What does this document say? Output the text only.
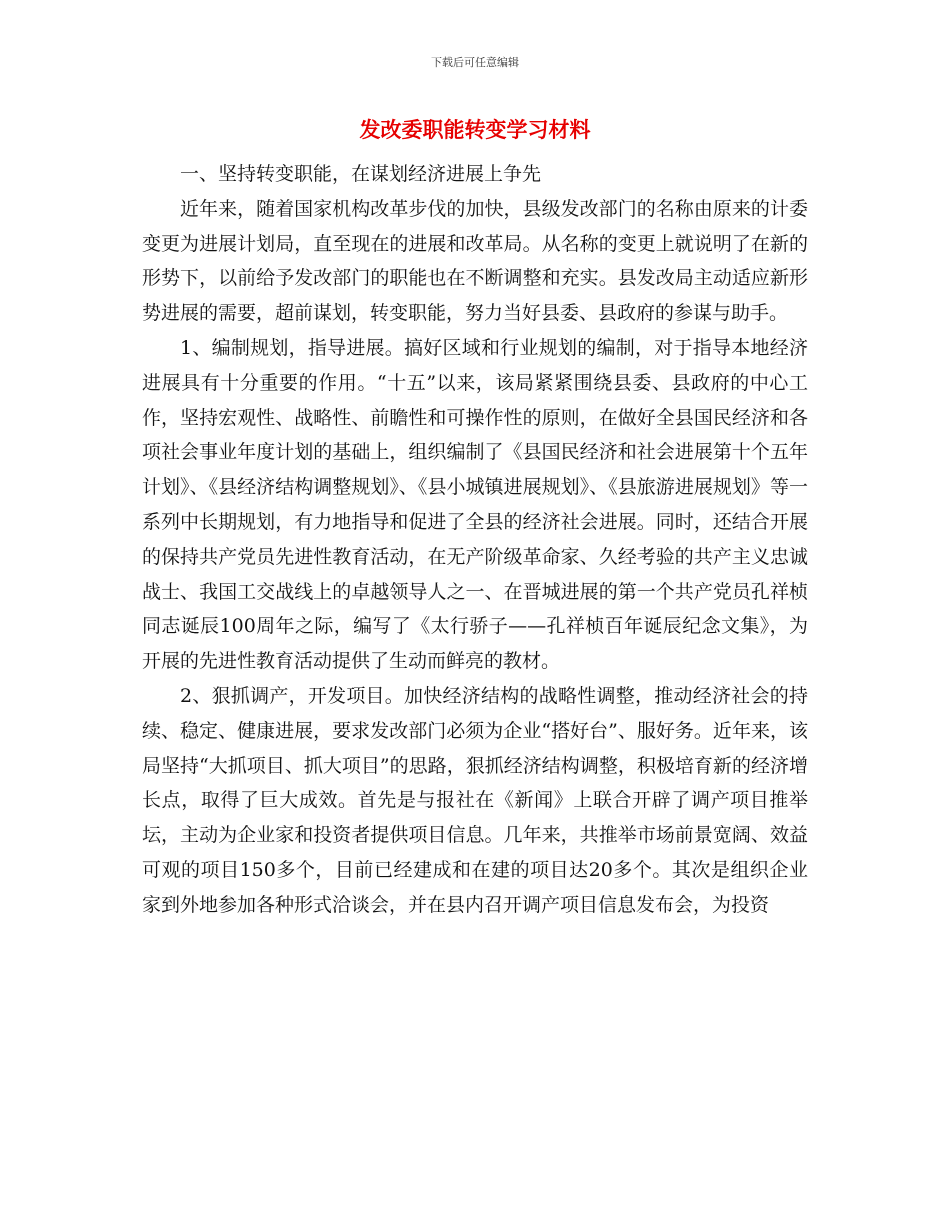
下载后可任意编辑
发改委职能转变学习材料

一、坚持转变职能，在谋划经济进展上争先

近年来，随着国家机构改革步伐的加快，县级发改部门的名称由原来的计委变更为进展计划局，直至现在的进展和改革局。从名称的变更上就说明了在新的形势下，以前给予发改部门的职能也在不断调整和充实。县发改局主动适应新形势进展的需要，超前谋划，转变职能，努力当好县委、县政府的参谋与助手。

1、编制规划，指导进展。搞好区域和行业规划的编制，对于指导本地经济进展具有十分重要的作用。“十五”以来，该局紧紧围绕县委、县政府的中心工作，坚持宏观性、战略性、前瞻性和可操作性的原则，在做好全县国民经济和各项社会事业年度计划的基础上，组织编制了《县国民经济和社会进展第十个五年计划》、《县经济结构调整规划》、《县小城镇进展规划》、《县旅游进展规划》等一系列中长期规划，有力地指导和促进了全县的经济社会进展。同时，还结合开展的保持共产党员先进性教育活动，在无产阶级革命家、久经考验的共产主义忠诚战士、我国工交战线上的卓越领导人之一、在晋城进展的第一个共产党员孔祥桢同志诞辰100周年之际，编写了《太行骄子——孔祥桢百年诞辰纪念文集》，为开展的先进性教育活动提供了生动而鲜亮的教材。

2、狠抓调产，开发项目。加快经济结构的战略性调整，推动经济社会的持续、稳定、健康进展，要求发改部门必须为企业“搭好台”、服好务。近年来，该局坚持“大抓项目、抓大项目”的思路，狠抓经济结构调整，积极培育新的经济增长点，取得了巨大成效。首先是与报社在《新闻》上联合开辟了调产项目推举坛，主动为企业家和投资者提供项目信息。几年来，共推举市场前景宽阔、效益可观的项目150多个，目前已经建成和在建的项目达20多个。其次是组织企业家到外地参加各种形式洽谈会，并在县内召开调产项目信息发布会，为投资
